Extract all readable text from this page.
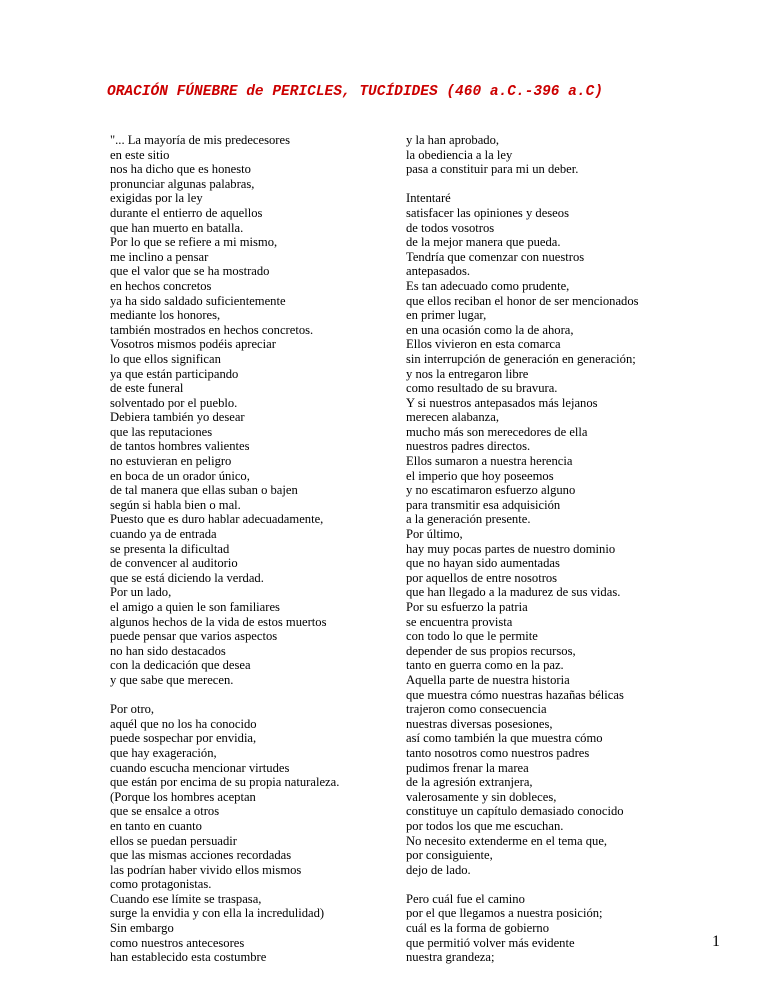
ORACIÓN FÚNEBRE de PERICLES, TUCÍDIDES (460 a.C.-396 a.C)
"... La mayoría de mis predecesores
en este sitio
nos ha dicho que es honesto
pronunciar algunas palabras,
exigidas por la ley
durante el entierro de aquellos
que han muerto en batalla.
Por lo que se refiere a mi mismo,
me inclino a pensar
que el valor que se ha mostrado
en hechos concretos
ya ha sido saldado suficientemente
mediante los honores,
también mostrados en hechos concretos.
Vosotros mismos podéis apreciar
lo que ellos significan
ya que están participando
de este funeral
solventado por el pueblo.
Debiera también yo desear
que las reputaciones
de tantos hombres valientes
no estuvieran en peligro
en boca de un orador único,
de tal manera que ellas suban o bajen
según si habla bien o mal.
Puesto que es duro hablar adecuadamente,
cuando ya de entrada
se presenta la dificultad
de convencer al auditorio
que se está diciendo la verdad.
Por un lado,
el amigo a quien le son familiares
algunos hechos de la vida de estos muertos
puede pensar que varios aspectos
no han sido destacados
con la dedicación que desea
y que sabe que merecen.
Por otro,
aquél que no los ha conocido
puede sospechar por envidia,
que hay exageración,
cuando escucha mencionar virtudes
que están por encima de su propia naturaleza.
(Porque los hombres aceptan
que se ensalce a otros
en tanto en cuanto
ellos se puedan persuadir
que las mismas acciones recordadas
las podrían haber vivido ellos mismos
como protagonistas.
Cuando ese límite se traspasa,
surge la envidia y con ella la incredulidad)
Sin embargo
como nuestros antecesores
han establecido esta costumbre
y la han aprobado,
la obediencia a la ley
pasa a constituir para mi un deber.
Intentaré
satisfacer las opiniones y deseos
de todos vosotros
de la mejor manera que pueda.
Tendría que comenzar con nuestros
antepasados.
Es tan adecuado como prudente,
que ellos reciban el honor de ser mencionados
en primer lugar,
en una ocasión como la de ahora,
Ellos vivieron en esta comarca
sin interrupción de generación en generación;
y nos la entregaron libre
como resultado de su bravura.
Y si nuestros antepasados más lejanos
merecen alabanza,
mucho más son merecedores de ella
nuestros padres directos.
Ellos sumaron a nuestra herencia
el imperio que hoy poseemos
y no escatimaron esfuerzo alguno
para transmitir esa adquisición
a la generación presente.
Por último,
hay muy pocas partes de nuestro dominio
que no hayan sido aumentadas
por aquellos de entre nosotros
que han llegado a la madurez de sus vidas.
Por su esfuerzo la patria
se encuentra provista
con todo lo que le permite
depender de sus propios recursos,
tanto en guerra como en la paz.
Aquella parte de nuestra historia
que muestra cómo nuestras hazañas bélicas
trajeron como consecuencia
nuestras diversas posesiones,
así como también la que muestra cómo
tanto nosotros como nuestros padres
pudimos frenar la marea
de la agresión extranjera,
valerosamente y sin dobleces,
constituye un capítulo demasiado conocido
por todos los que me escuchan.
No necesito extenderme en el tema que,
por consiguiente,
dejo de lado.
Pero cuál fue el camino
por el que llegamos a nuestra posición;
cuál es la forma de gobierno
que permitió volver más evidente
nuestra grandeza;
1
